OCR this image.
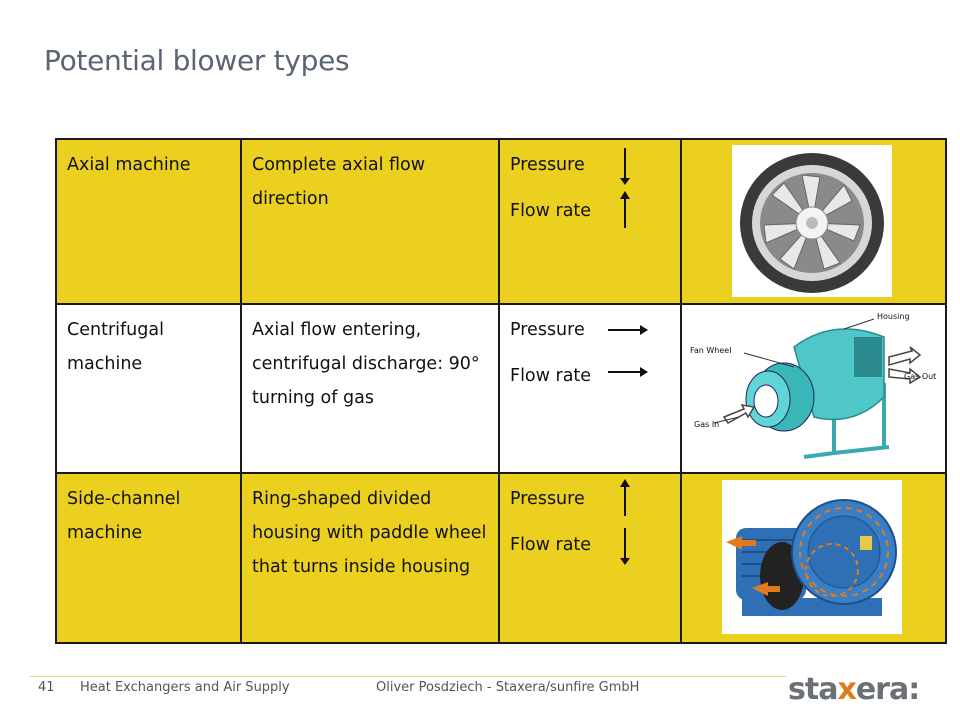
Potential blower types
Axial machine	Complete axial flow direction	Pressure
Flow rate

Centrifugal machine	Axial flow entering, centrifugal discharge: 90° turning of gas	Pressure
Flow rate	Housing
Fan Wheel
Gas Out
Gas In

Side-channel machine	Ring-shaped divided housing with paddle wheel that turns inside housing	Pressure
Flow rate

41 Heat Exchangers and Air Supply	Oliver Posdziech - Staxera/sunfire GmbH	staxera:
